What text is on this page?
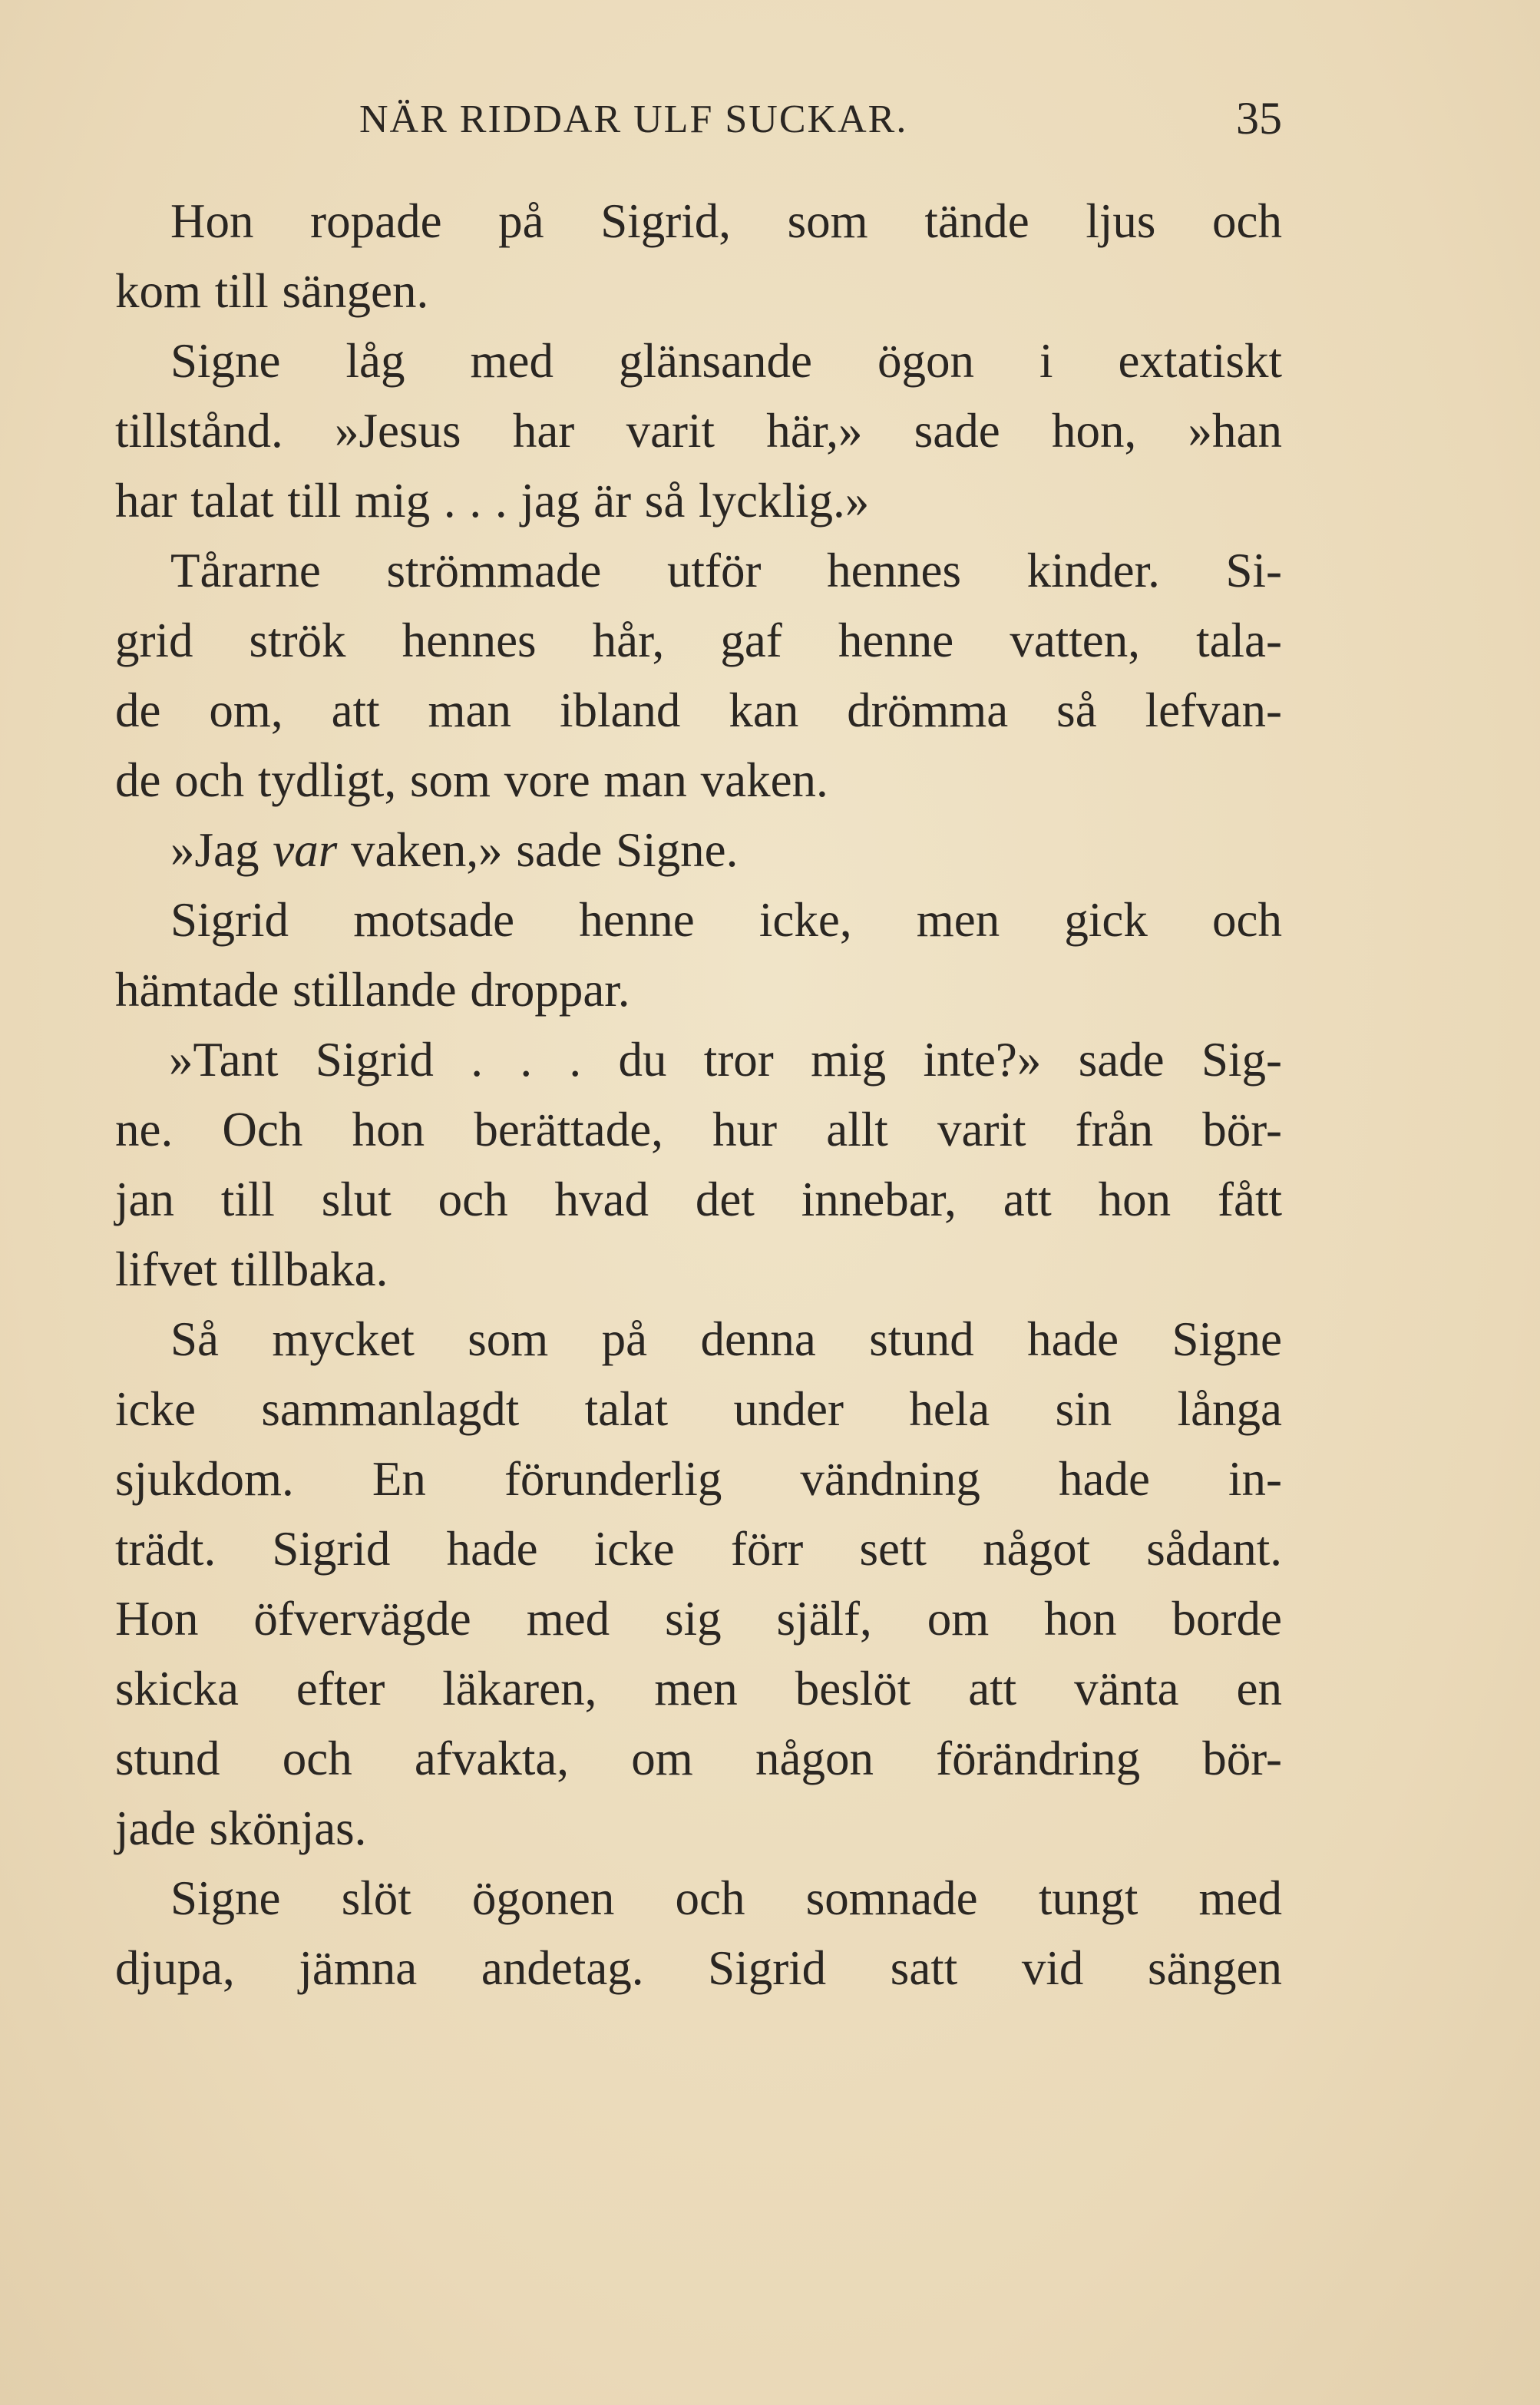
NÄR RIDDAR ULF SUCKAR.	35
Hon ropade på Sigrid, som tände ljus och
kom till sängen.
Signe låg med glänsande ögon i extatiskt
tillstånd. »Jesus har varit här,» sade hon, »han
har talat till mig . . . jag är så lycklig.»
Tårarne strömmade utför hennes kinder. Si-
grid strök hennes hår, gaf henne vatten, tala-
de om, att man ibland kan drömma så lefvan-
de och tydligt, som vore man vaken.
»Jag var vaken,» sade Signe.
Sigrid motsade henne icke, men gick och
hämtade stillande droppar.
»Tant Sigrid . . . du tror mig inte?» sade Sig-
ne. Och hon berättade, hur allt varit från bör-
jan till slut och hvad det innebar, att hon fått
lifvet tillbaka.
Så mycket som på denna stund hade Signe
icke sammanlagdt talat under hela sin långa
sjukdom. En förunderlig vändning hade in-
trädt. Sigrid hade icke förr sett något sådant.
Hon öfvervägde med sig själf, om hon borde
skicka efter läkaren, men beslöt att vänta en
stund och afvakta, om någon förändring bör-
jade skönjas.
Signe slöt ögonen och somnade tungt med
djupa, jämna andetag. Sigrid satt vid sängen
